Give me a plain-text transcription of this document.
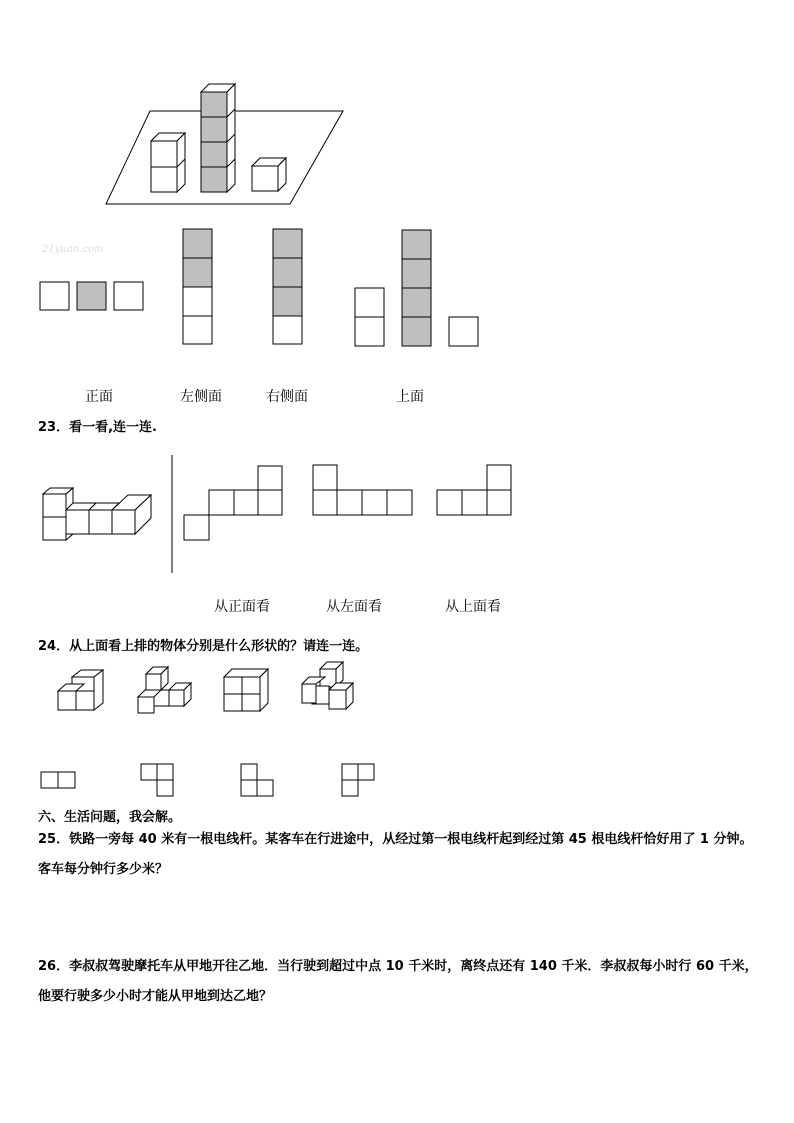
21yuan.com
正面	左侧面	右侧面	上面
23．看一看,连一连.
从正面看	从左面看	从上面看
24．从上面看上排的物体分别是什么形状的？请连一连。
六、生活问题，我会解。
25．铁路一旁每 40 米有一根电线杆。某客车在行进途中，从经过第一根电线杆起到经过第 45 根电线杆恰好用了 1 分钟。客车每分钟行多少米？
26．李叔叔驾驶摩托车从甲地开往乙地．当行驶到超过中点 10 千米时，离终点还有 140 千米．李叔叔每小时行 60 千米，他要行驶多少小时才能从甲地到达乙地？
